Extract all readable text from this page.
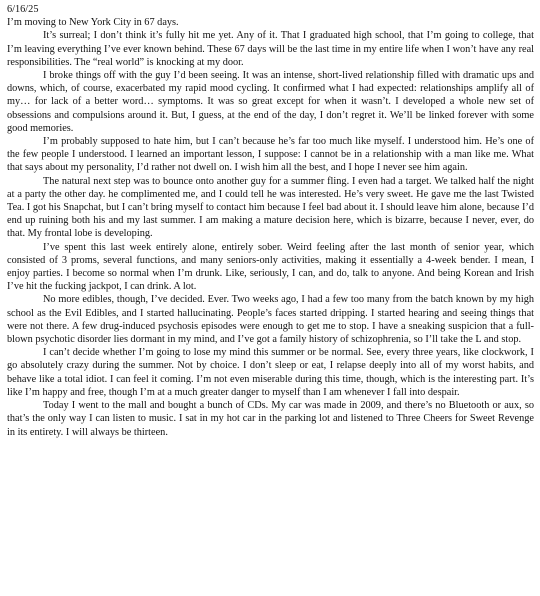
6/16/25

I’m moving to New York City in 67 days.

It’s surreal; I don’t think it’s fully hit me yet. Any of it. That I graduated high school, that I’m going to college, that I’m leaving everything I’ve ever known behind. These 67 days will be the last time in my entire life when I won’t have any real responsibilities. The “real world” is knocking at my door.

I broke things off with the guy I’d been seeing. It was an intense, short-lived relationship filled with dramatic ups and downs, which, of course, exacerbated my rapid mood cycling. It confirmed what I had expected: relationships amplify all of my… for lack of a better word… symptoms. It was so great except for when it wasn’t. I developed a whole new set of obsessions and compulsions around it. But, I guess, at the end of the day, I don’t regret it. We’ll be linked forever with some good memories.

I’m probably supposed to hate him, but I can’t because he’s far too much like myself. I understood him. He’s one of the few people I understood. I learned an important lesson, I suppose: I cannot be in a relationship with a man like me. What that says about my personality, I’d rather not dwell on. I wish him all the best, and I hope I never see him again.

The natural next step was to bounce onto another guy for a summer fling. I even had a target. We talked half the night at a party the other day. he complimented me, and I could tell he was interested. He’s very sweet. He gave me the last Twisted Tea. I got his Snapchat, but I can’t bring myself to contact him because I feel bad about it. I should leave him alone, because I’d end up ruining both his and my last summer. I am making a mature decision here, which is bizarre, because I never, ever, do that. My frontal lobe is developing.

I’ve spent this last week entirely alone, entirely sober. Weird feeling after the last month of senior year, which consisted of 3 proms, several functions, and many seniors-only activities, making it essentially a 4-week bender. I mean, I enjoy parties. I become so normal when I’m drunk. Like, seriously, I can, and do, talk to anyone. And being Korean and Irish I’ve hit the fucking jackpot, I can drink. A lot.

No more edibles, though, I’ve decided. Ever. Two weeks ago, I had a few too many from the batch known by my high school as the Evil Edibles, and I started hallucinating. People’s faces started dripping. I started hearing and seeing things that were not there. A few drug-induced psychosis episodes were enough to get me to stop. I have a sneaking suspicion that a full-blown psychotic disorder lies dormant in my mind, and I’ve got a family history of schizophrenia, so I’ll take the L and stop.

I can’t decide whether I’m going to lose my mind this summer or be normal. See, every three years, like clockwork, I go absolutely crazy during the summer. Not by choice. I don’t sleep or eat, I relapse deeply into all of my worst habits, and behave like a total idiot. I can feel it coming. I’m not even miserable during this time, though, which is the interesting part. It’s like I’m happy and free, though I’m at a much greater danger to myself than I am whenever I fall into despair.

Today I went to the mall and bought a bunch of CDs. My car was made in 2009, and there’s no Bluetooth or aux, so that’s the only way I can listen to music. I sat in my hot car in the parking lot and listened to Three Cheers for Sweet Revenge in its entirety. I will always be thirteen.
